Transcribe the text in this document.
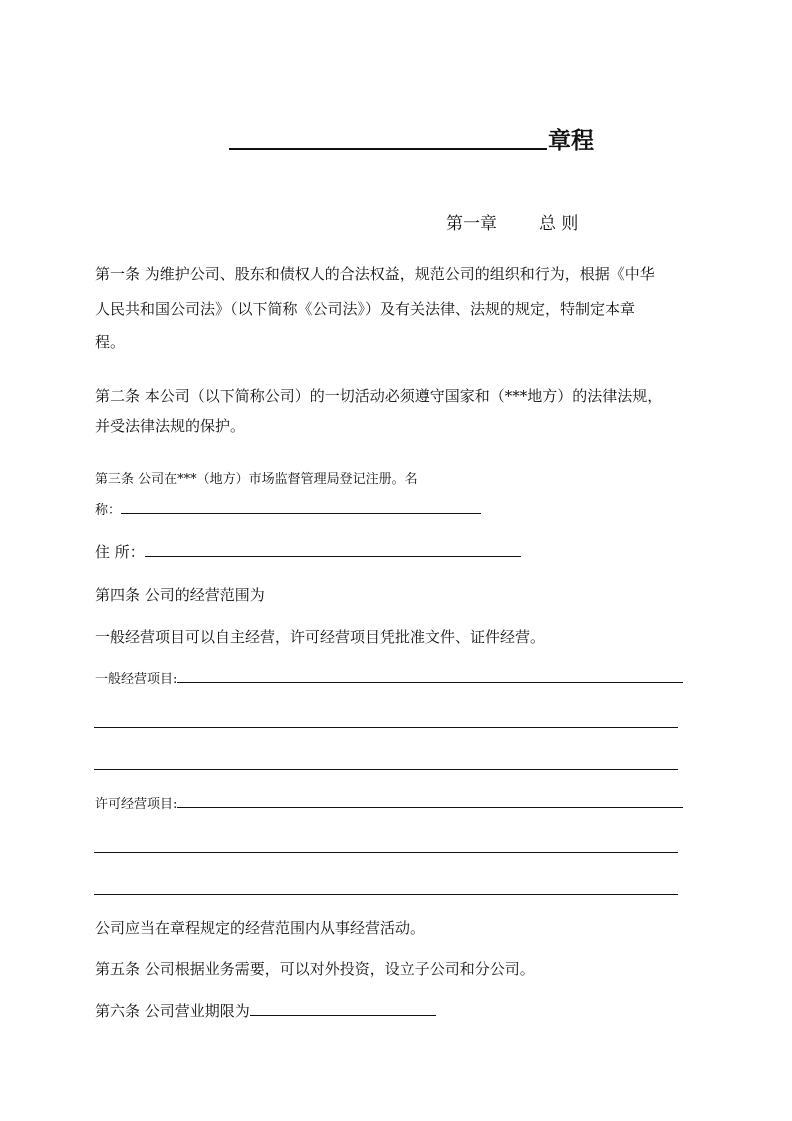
章程
第一章 总 则
第一条 为维护公司、股东和债权人的合法权益，规范公司的组织和行为，根据《中华
人民共和国公司法》（以下简称《公司法》）及有关法律、法规的规定，特制定本章
程。
第二条 本公司（以下简称公司）的一切活动必须遵守国家和（***地方）的法律法规，
并受法律法规的保护。
第三条 公司在***（地方）市场监督管理局登记注册。名
称：
住 所：
第四条 公司的经营范围为
一般经营项目可以自主经营，许可经营项目凭批准文件、证件经营。
一般经营项目:
许可经营项目:
公司应当在章程规定的经营范围内从事经营活动。
第五条 公司根据业务需要，可以对外投资，设立子公司和分公司。
第六条 公司营业期限为
